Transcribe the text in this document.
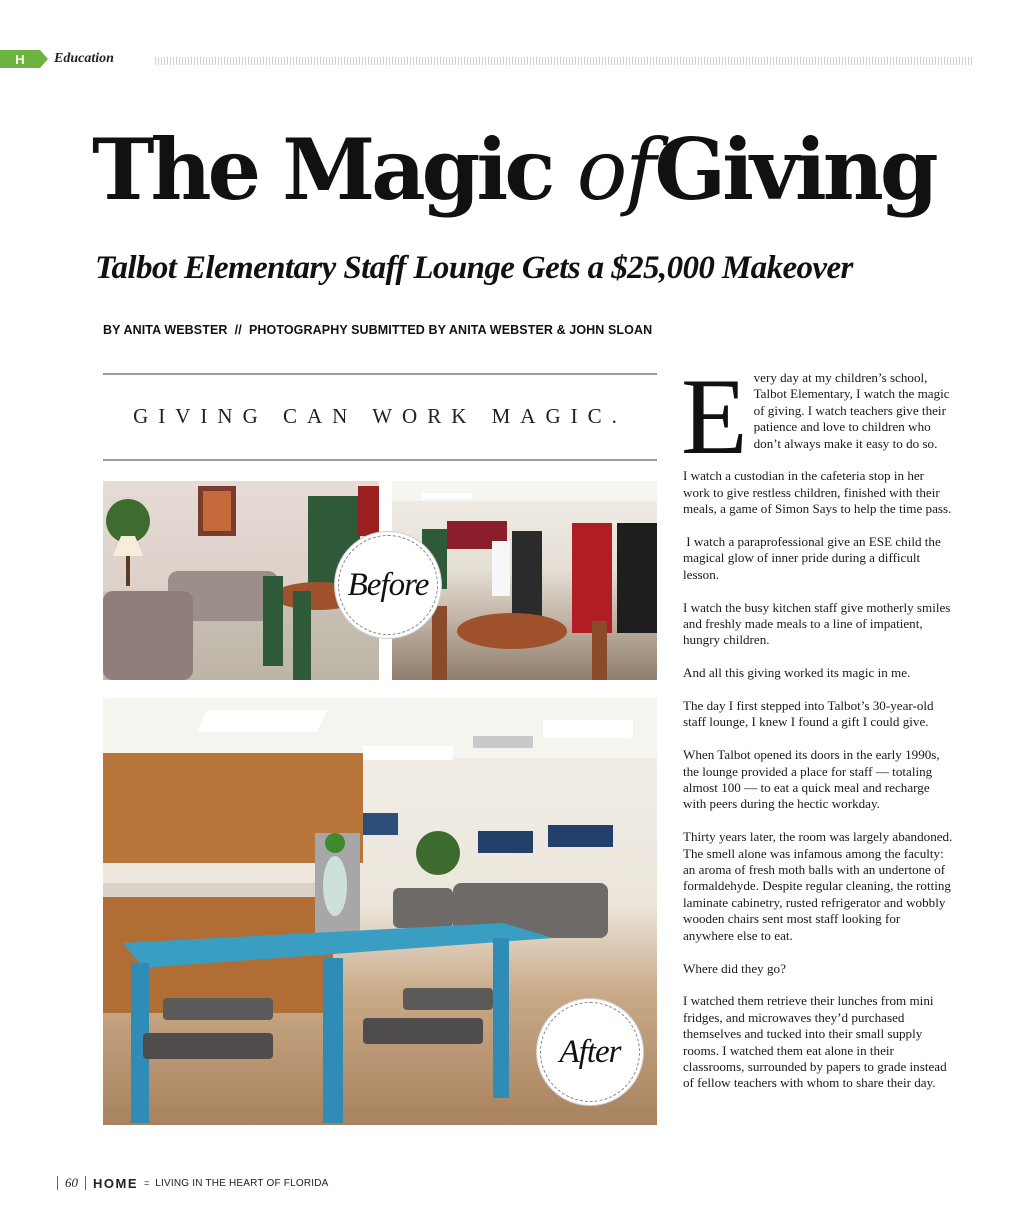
H	Education
The Magic ofGiving
Talbot Elementary Staff Lounge Gets a $25,000 Makeover
BY ANITA WEBSTER  //  PHOTOGRAPHY SUBMITTED BY ANITA WEBSTER & JOHN SLOAN
GIVING CAN WORK MAGIC.
Before
After

Every day at my children’s school, Talbot Elementary, I watch the magic of giving. I watch teachers give their patience and love to children who don’t always make it easy to do so.

I watch a custodian in the cafeteria stop in her work to give restless children, finished with their meals, a game of Simon Says to help the time pass.

I watch a paraprofessional give an ESE child the magical glow of inner pride during a difficult lesson.

I watch the busy kitchen staff give motherly smiles and freshly made meals to a line of impatient, hungry children.

And all this giving worked its magic in me.

The day I first stepped into Talbot’s 30-year-old staff lounge, I knew I found a gift I could give.

When Talbot opened its doors in the early 1990s, the lounge provided a place for staff — totaling almost 100 — to eat a quick meal and recharge with peers during the hectic workday.

Thirty years later, the room was largely abandoned. The smell alone was infamous among the faculty: an aroma of fresh moth balls with an undertone of formaldehyde. Despite regular cleaning, the rotting laminate cabinetry, rusted refrigerator and wobbly wooden chairs sent most staff looking for anywhere else to eat.

Where did they go?

I watched them retrieve their lunches from mini fridges, and microwaves they’d purchased themselves and tucked into their small supply rooms. I watched them eat alone in their classrooms, surrounded by papers to grade instead of fellow teachers with whom to share their day.

60 HOME = LIVING IN THE HEART OF FLORIDA
